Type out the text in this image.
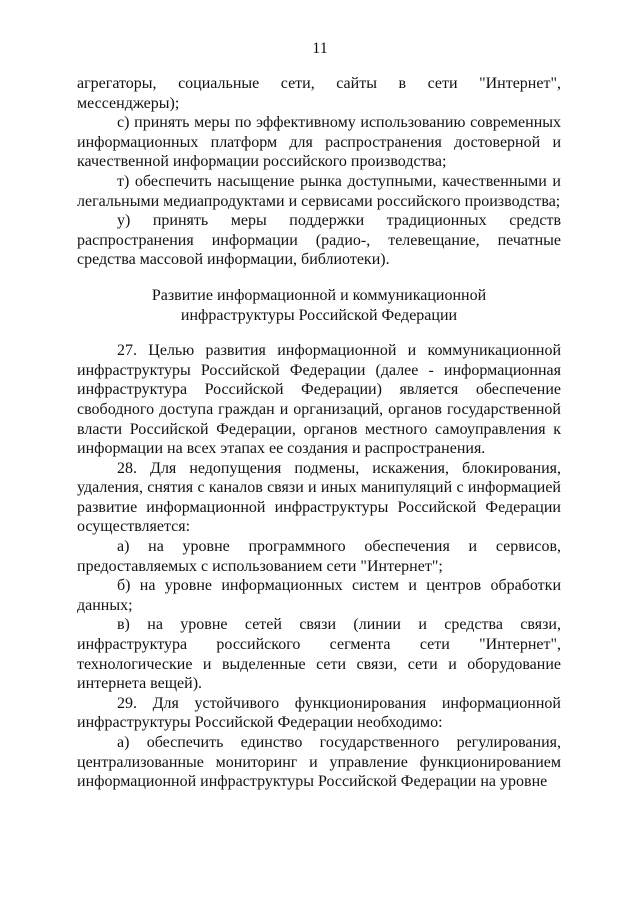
11

агрегаторы, социальные сети, сайты в сети "Интернет", мессенджеры);

с) принять меры по эффективному использованию современных информационных платформ для распространения достоверной и качественной информации российского производства;

т) обеспечить насыщение рынка доступными, качественными и легальными медиапродуктами и сервисами российского производства;

у) принять меры поддержки традиционных средств распространения информации (радио-, телевещание, печатные средства массовой информации, библиотеки).

Развитие информационной и коммуникационной
инфраструктуры Российской Федерации

27. Целью развития информационной и коммуникационной инфраструктуры Российской Федерации (далее - информационная инфраструктура Российской Федерации) является обеспечение свободного доступа граждан и организаций, органов государственной власти Российской Федерации, органов местного самоуправления к информации на всех этапах ее создания и распространения.

28. Для недопущения подмены, искажения, блокирования, удаления, снятия с каналов связи и иных манипуляций с информацией развитие информационной инфраструктуры Российской Федерации осуществляется:

а) на уровне программного обеспечения и сервисов, предоставляемых с использованием сети "Интернет";

б) на уровне информационных систем и центров обработки данных;

в) на уровне сетей связи (линии и средства связи, инфраструктура российского сегмента сети "Интернет", технологические и выделенные сети связи, сети и оборудование интернета вещей).

29. Для устойчивого функционирования информационной инфраструктуры Российской Федерации необходимо:

а) обеспечить единство государственного регулирования, централизованные мониторинг и управление функционированием информационной инфраструктуры Российской Федерации на уровне
